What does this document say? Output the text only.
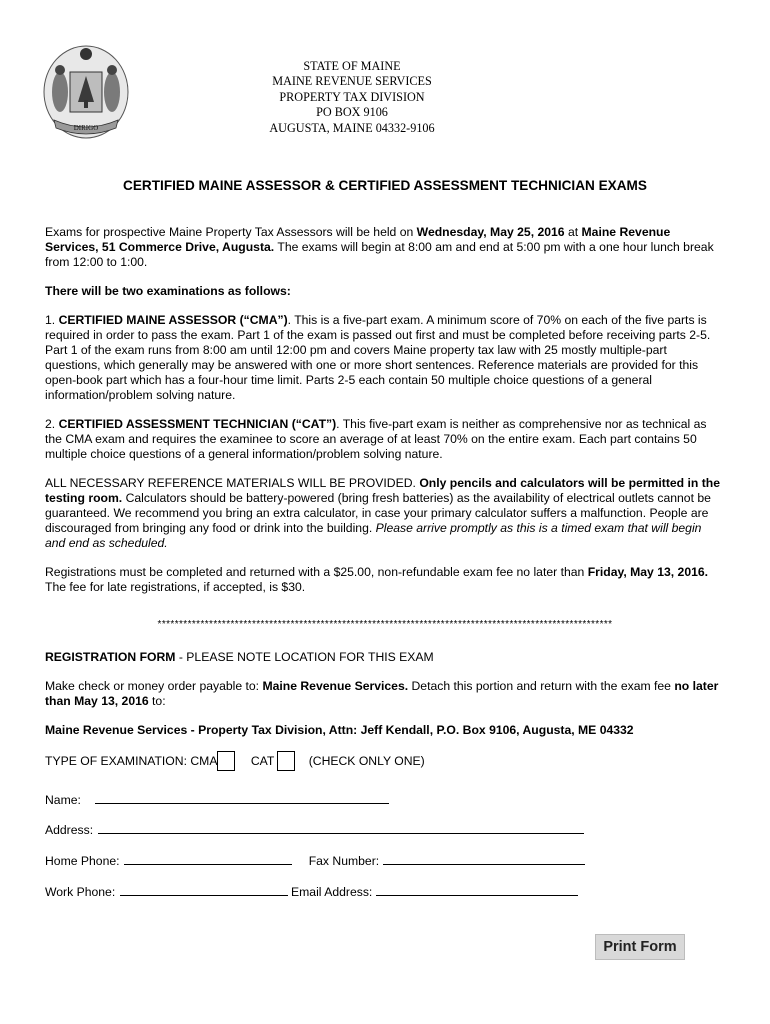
DIRIGO
STATE OF MAINE
MAINE REVENUE SERVICES
PROPERTY TAX DIVISION
PO BOX 9106
AUGUSTA, MAINE 04332-9106
CERTIFIED MAINE ASSESSOR & CERTIFIED ASSESSMENT TECHNICIAN EXAMS

Exams for prospective Maine Property Tax Assessors will be held on Wednesday, May 25, 2016 at Maine Revenue Services, 51 Commerce Drive, Augusta. The exams will begin at 8:00 am and end at 5:00 pm with a one hour lunch break from 12:00 to 1:00.

There will be two examinations as follows:

1. CERTIFIED MAINE ASSESSOR (“CMA”). This is a five-part exam. A minimum score of 70% on each of the five parts is required in order to pass the exam. Part 1 of the exam is passed out first and must be completed before receiving parts 2-5. Part 1 of the exam runs from 8:00 am until 12:00 pm and covers Maine property tax law with 25 mostly multiple-part questions, which generally may be answered with one or more short sentences. Reference materials are provided for this open-book part which has a four-hour time limit. Parts 2-5 each contain 50 multiple choice questions of a general information/problem solving nature.

2. CERTIFIED ASSESSMENT TECHNICIAN (“CAT”). This five-part exam is neither as comprehensive nor as technical as the CMA exam and requires the examinee to score an average of at least 70% on the entire exam. Each part contains 50 multiple choice questions of a general information/problem solving nature.

ALL NECESSARY REFERENCE MATERIALS WILL BE PROVIDED. Only pencils and calculators will be permitted in the testing room. Calculators should be battery-powered (bring fresh batteries) as the availability of electrical outlets cannot be guaranteed. We recommend you bring an extra calculator, in case your primary calculator suffers a malfunction. People are discouraged from bringing any food or drink into the building. Please arrive promptly as this is a timed exam that will begin and end as scheduled.

Registrations must be completed and returned with a $25.00, non-refundable exam fee no later than Friday, May 13, 2016. The fee for late registrations, if accepted, is $30.

**********************************************************************************************************

REGISTRATION FORM - PLEASE NOTE LOCATION FOR THIS EXAM

Make check or money order payable to: Maine Revenue Services. Detach this portion and return with the exam fee no later than May 13, 2016 to:

Maine Revenue Services - Property Tax Division, Attn: Jeff Kendall, P.O. Box 9106, Augusta, ME 04332

TYPE OF EXAMINATION: CMA	CAT	(CHECK ONLY ONE)

Name:

Address:

Home Phone:	Fax Number:

Work Phone:	Email Address:

Print Form
